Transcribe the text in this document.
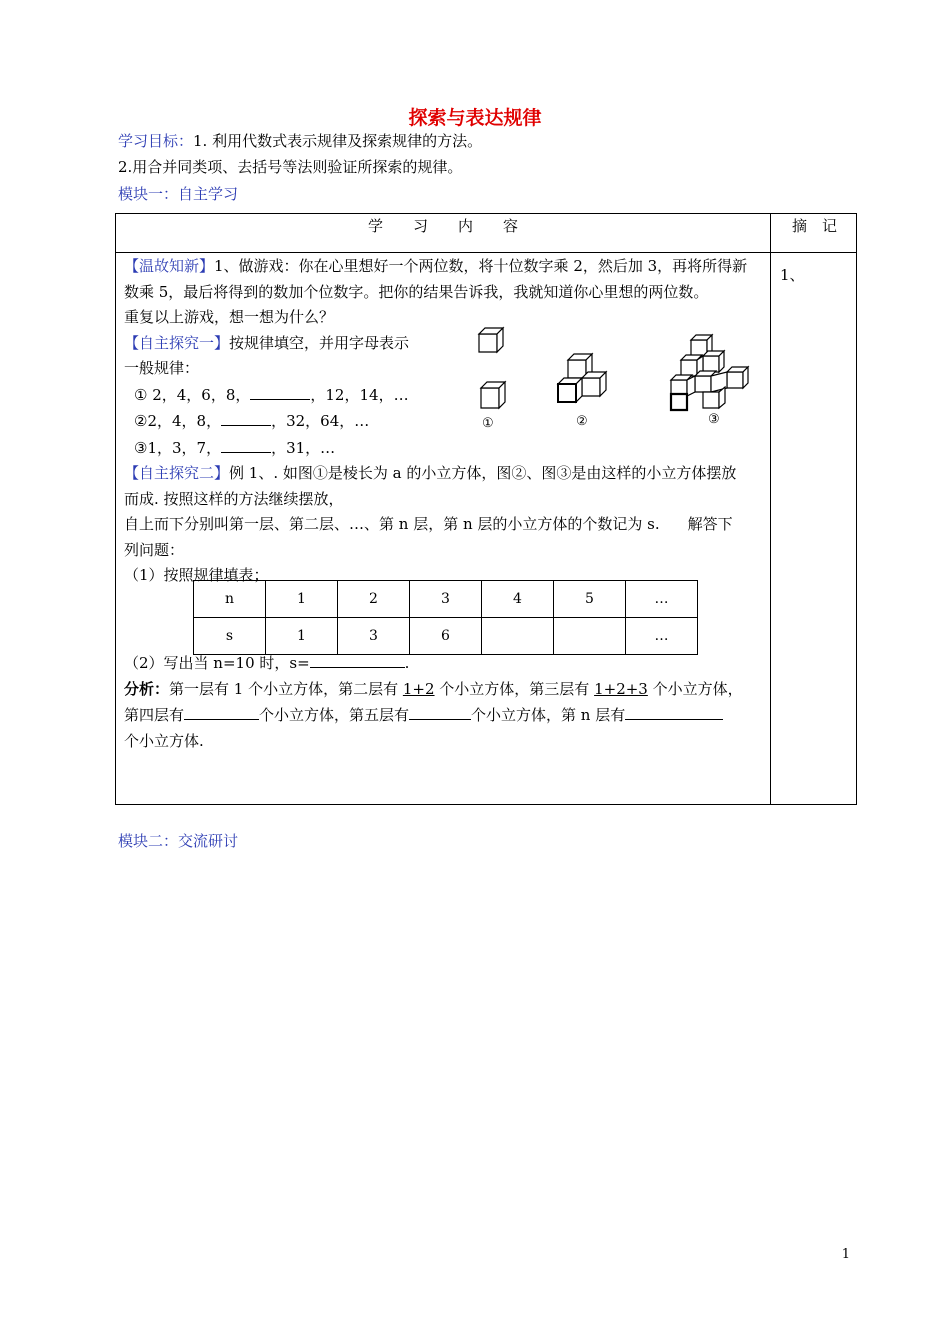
探索与表达规律
学习目标：1. 利用代数式表示规律及探索规律的方法。
2.用合并同类项、去括号等法则验证所探索的规律。
模块一：自主学习
学　　习　　内　　容	摘　记

【温故知新】1、做游戏：你在心里想好一个两位数，将十位数字乘 2，然后加 3，再将所得新

数乘 5，最后将得到的数加个位数字。把你的结果告诉我，我就知道你心里想的两位数。

重复以上游戏，想一想为什么？

【自主探究一】按规律填空，并用字母表示

一般规律：

① 2，4，6，8，	，12，14，…

②2，4，8，	，32，64，…

③1，3，7，	，31，…

【自主探究二】例 1、. 如图①是棱长为 a 的小立方体，图②、图③是由这样的小立方体摆放

而成. 按照这样的方法继续摆放，

自上而下分别叫第一层、第二层、…、第 n 层，第 n 层的小立方体的个数记为 s. 解答下

列问题：

（1）按照规律填表；

n	1	2	3	4	5	…
s	1	3	6			…

（2）写出当 n=10 时，s=	.

分析：第一层有 1 个小立方体，第二层有 1+2 个小立方体，第三层有 1+2+3 个小立方体，

第四层有	个小立方体，第五层有	个小立方体，第 n 层有

个小立方体.

1、
①	②	③
模块二：交流研讨
1
